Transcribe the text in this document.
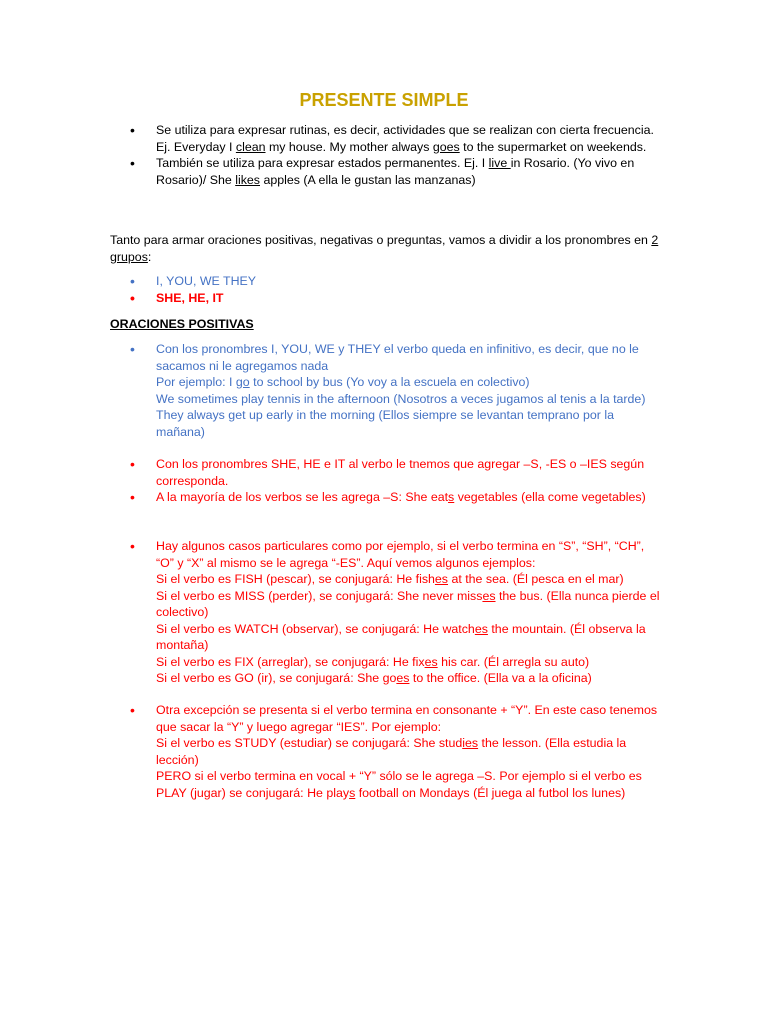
PRESENTE SIMPLE
• Se utiliza para expresar rutinas, es decir, actividades que se realizan con cierta frecuencia. Ej. Everyday I clean my house. My mother always goes to the supermarket on weekends.
• También se utiliza para expresar estados permanentes. Ej. I live in Rosario. (Yo vivo en Rosario)/ She likes apples (A ella le gustan las manzanas)
Tanto para armar oraciones positivas, negativas o preguntas, vamos a dividir a los pronombres en 2 grupos:
• I, YOU, WE THEY
• SHE, HE, IT
ORACIONES POSITIVAS
• Con los pronombres I, YOU, WE y THEY el verbo queda en infinitivo, es decir, que no le sacamos ni le agregamos nada
Por ejemplo: I go to school by bus (Yo voy a la escuela en colectivo)
We sometimes play tennis in the afternoon (Nosotros a veces jugamos al tenis a la tarde)
They always get up early in the morning (Ellos siempre se levantan temprano por la mañana)
• Con los pronombres SHE, HE e IT al verbo le tnemos que agregar –S, -ES o –IES según corresponda.
• A la mayoría de los verbos se les agrega –S: She eats vegetables (ella come vegetables)
• Hay algunos casos particulares como por ejemplo, si el verbo termina en “S”, “SH”, “CH”, “O” y “X” al mismo se le agrega “-ES”. Aquí vemos algunos ejemplos:
Si el verbo es FISH (pescar), se conjugará: He fishes at the sea. (Él pesca en el mar)
Si el verbo es MISS (perder), se conjugará: She never misses the bus. (Ella nunca pierde el colectivo)
Si el verbo es WATCH (observar), se conjugará: He watches the mountain. (Él observa la montaña)
Si el verbo es FIX (arreglar), se conjugará: He fixes his car. (Él arregla su auto)
Si el verbo es GO (ir), se conjugará: She goes to the office. (Ella va a la oficina)
• Otra excepción se presenta si el verbo termina en consonante + “Y”. En este caso tenemos que sacar la “Y” y luego agregar “IES”. Por ejemplo:
Si el verbo es STUDY (estudiar) se conjugará: She studies the lesson. (Ella estudia la lección)
PERO si el verbo termina en vocal + “Y” sólo se le agrega –S. Por ejemplo si el verbo es PLAY (jugar) se conjugará: He plays football on Mondays (Él juega al futbol los lunes)
